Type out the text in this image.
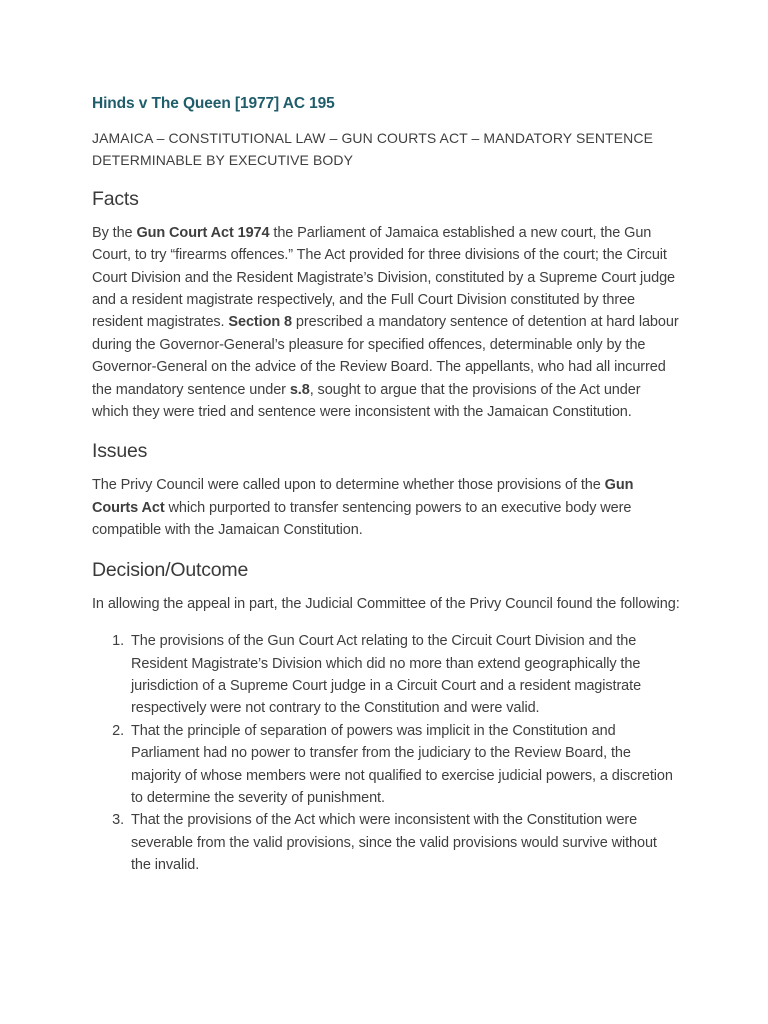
Hinds v The Queen [1977] AC 195

JAMAICA – CONSTITUTIONAL LAW – GUN COURTS ACT – MANDATORY SENTENCE DETERMINABLE BY EXECUTIVE BODY

Facts

By the Gun Court Act 1974 the Parliament of Jamaica established a new court, the Gun Court, to try “firearms offences.” The Act provided for three divisions of the court; the Circuit Court Division and the Resident Magistrate’s Division, constituted by a Supreme Court judge and a resident magistrate respectively, and the Full Court Division constituted by three resident magistrates. Section 8 prescribed a mandatory sentence of detention at hard labour during the Governor-General’s pleasure for specified offences, determinable only by the Governor-General on the advice of the Review Board. The appellants, who had all incurred the mandatory sentence under s.8, sought to argue that the provisions of the Act under which they were tried and sentence were inconsistent with the Jamaican Constitution.

Issues

The Privy Council were called upon to determine whether those provisions of the Gun Courts Act which purported to transfer sentencing powers to an executive body were compatible with the Jamaican Constitution.

Decision/Outcome

In allowing the appeal in part, the Judicial Committee of the Privy Council found the following:

1. The provisions of the Gun Court Act relating to the Circuit Court Division and the Resident Magistrate’s Division which did no more than extend geographically the jurisdiction of a Supreme Court judge in a Circuit Court and a resident magistrate respectively were not contrary to the Constitution and were valid.
2. That the principle of separation of powers was implicit in the Constitution and Parliament had no power to transfer from the judiciary to the Review Board, the majority of whose members were not qualified to exercise judicial powers, a discretion to determine the severity of punishment.
3. That the provisions of the Act which were inconsistent with the Constitution were severable from the valid provisions, since the valid provisions would survive without the invalid.
